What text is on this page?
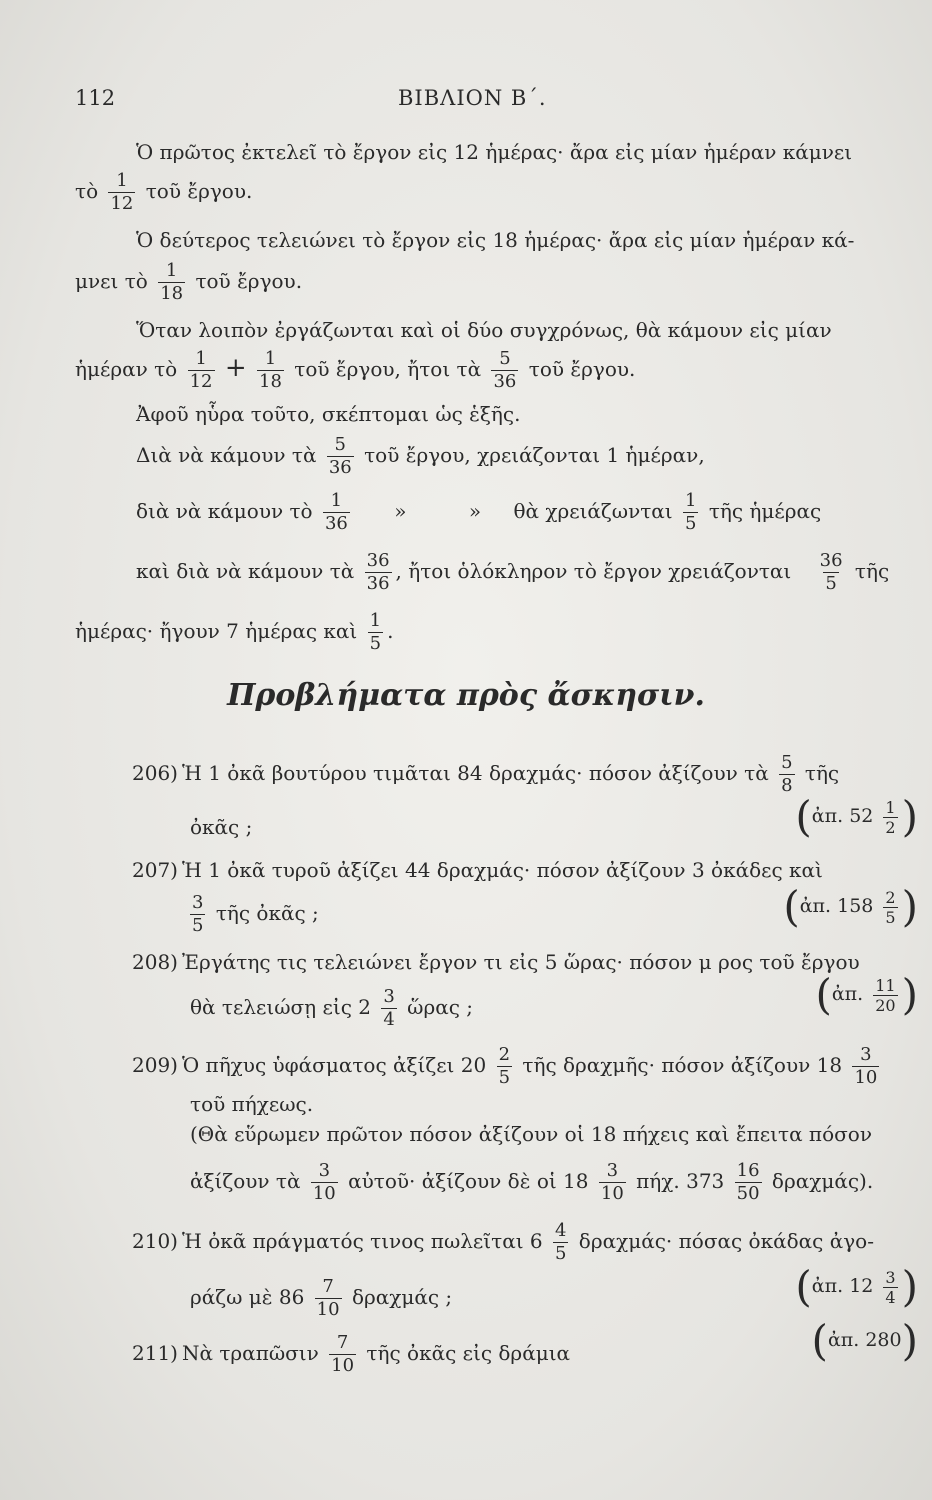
112	ΒΙΒΛΙΟΝ Β΄.
Ὁ πρῶτος ἐκτελεῖ τὸ ἔργον εἰς 12 ἡμέρας· ἄρα εἰς μίαν ἡμέραν κάμνει
τὸ $\frac{1}{12}$ τοῦ ἔργου.
Ὁ δεύτερος τελειώνει τὸ ἔργον εἰς 18 ἡμέρας· ἄρα εἰς μίαν ἡμέραν κά-
μνει τὸ $\frac{1}{18}$ τοῦ ἔργου.
Ὅταν λοιπὸν ἐργάζωνται καὶ οἱ δύο συγχρόνως, θὰ κάμουν εἰς μίαν
ἡμέραν τὸ $\frac{1}{12} + \frac{1}{18}$ τοῦ ἔργου, ἤτοι τὰ $\frac{5}{36}$ τοῦ ἔργου.
Ἀφοῦ ηὗρα τοῦτο, σκέπτομαι ὡς ἑξῆς.
Διὰ νὰ κάμουν τὰ $\frac{5}{36}$ τοῦ ἔργου, χρειάζονται 1 ἡμέραν,
διὰ νὰ κάμουν τὸ $\frac{1}{36}$ »	» θὰ χρειάζωνται $\frac{1}{5}$ τῆς ἡμέρας
καὶ διὰ νὰ κάμουν τὰ $\frac{36}{36}$ , ἤτοι ὁλόκληρον τὸ ἔργον χρειάζονται $\frac{36}{5}$ τῆς
ἡμέρας· ἤγουν 7 ἡμέρας καὶ $\frac{1}{5}$ .
Προβλήματα πρὸς ἄσκησιν.
206) Ἡ 1 ὀκᾶ βουτύρου τιμᾶται 84 δραχμάς· πόσον ἀξίζουν τὰ $\frac{5}{8}$ τῆς
ὀκᾶς ;	(ἀπ. $52 \frac{1}{2}$ )
207) Ἡ 1 ὀκᾶ τυροῦ ἀξίζει 44 δραχμάς· πόσον ἀξίζουν 3 ὀκάδες καὶ
$\frac{3}{5}$ τῆς ὀκᾶς ;	(ἀπ. $158 \frac{2}{5}$ )
208) Ἐργάτης τις τελειώνει ἔργον τι εἰς 5 ὥρας· πόσον μ ρος τοῦ ἔργου
θὰ τελειώσῃ εἰς $2 \frac{3}{4}$ ὥρας ;	(ἀπ. $\frac{11}{20}$ )
209) Ὁ πῆχυς ὑφάσματος ἀξίζει $20 \frac{2}{5}$ τῆς δραχμῆς· πόσον ἀξίζουν $18 \frac{3}{10}$
τοῦ πήχεως.
(Θὰ εὕρωμεν πρῶτον πόσον ἀξίζουν οἱ 18 πήχεις καὶ ἔπειτα πόσον
ἀξίζουν τὰ $\frac{3}{10}$ αὐτοῦ· ἀξίζουν δὲ οἱ $18 \frac{3}{10} \pi ή\chi$. $373 \frac{16}{50} \delta\rho\alpha\chi\mu ά\varsigma$).
210) Ἡ ὀκᾶ πράγματός τινος πωλεῖται $6 \frac{4}{5} \delta\rho\alpha\chi\mu ά\varsigma\cdot \pi ό\sigma\alpha\varsigma$ ὀκάδας ἀγο-
ράζω μὲ $86 \frac{7}{10}$ δραχμάς ;	(ἀπ. $12 \frac{3}{4}$ )
211) Νὰ τραπῶσιν $\frac{7}{10}$ τῆς ὀκᾶς εἰς δράμια	(ἀπ. 280)
